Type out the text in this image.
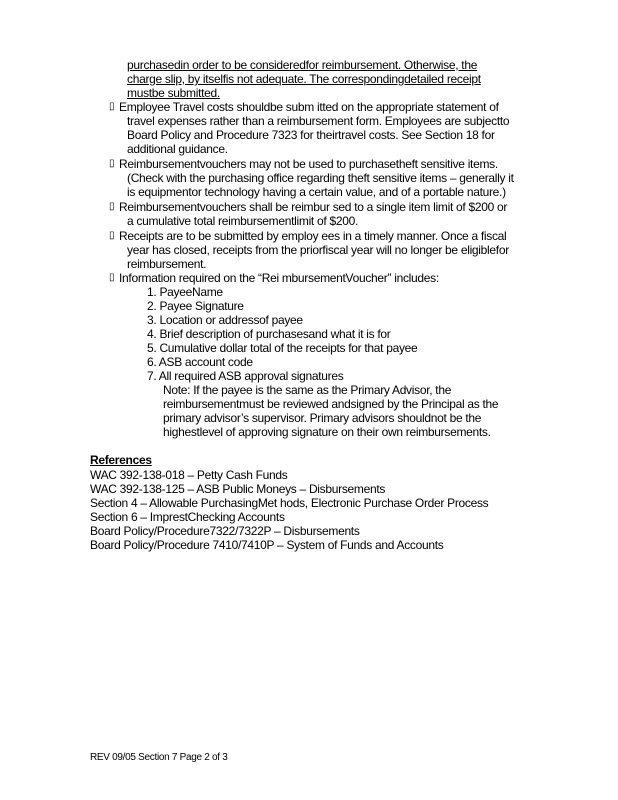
purchasedin order to be consideredfor reimbursement. Otherwise, the
charge slip, by itselfis not adequate. The correspondingdetailed receipt
mustbe submitted.
▯ Employee Travel costs shouldbe subm itted on the appropriate statement of
travel expenses rather than a reimbursement form. Employees are subjectto
Board Policy and Procedure 7323 for theirtravel costs. See Section 18 for
additional guidance.
▯ Reimbursementvouchers may not be used to purchasetheft sensitive items.
(Check with the purchasing office regarding theft sensitive items – generally it
is equipmentor technology having a certain value, and of a portable nature.)
▯ Reimbursementvouchers shall be reimbur sed to a single item limit of $200 or
a cumulative total reimbursementlimit of $200.
▯ Receipts are to be submitted by employ ees in a timely manner. Once a fiscal
year has closed, receipts from the priorfiscal year will no longer be eligiblefor
reimbursement.
▯ Information required on the “Rei mbursementVoucher” includes:
1. PayeeName
2. Payee Signature
3. Location or addressof payee
4. Brief description of purchasesand what it is for
5. Cumulative dollar total of the receipts for that payee
6. ASB account code
7. All required ASB approval signatures
Note: If the payee is the same as the Primary Advisor, the
reimbursementmust be reviewed andsigned by the Principal as the
primary advisor’s supervisor. Primary advisors shouldnot be the
highestlevel of approving signature on their own reimbursements.
References
WAC 392-138-018 – Petty Cash Funds
WAC 392-138-125 – ASB Public Moneys – Disbursements
Section 4 – Allowable PurchasingMet hods, Electronic Purchase Order Process
Section 6 – ImprestChecking Accounts
Board Policy/Procedure7322/7322P – Disbursements
Board Policy/Procedure 7410/7410P – System of Funds and Accounts
REV 09/05 Section 7 Page 2 of 3
